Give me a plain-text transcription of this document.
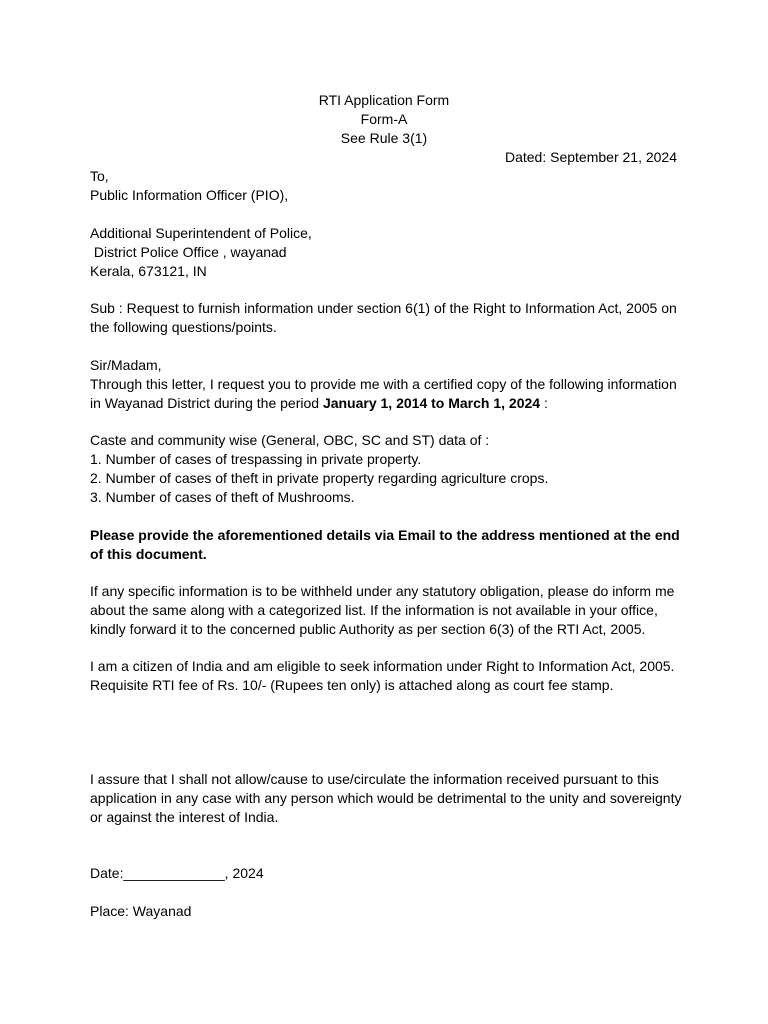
RTI Application Form
Form-A
See Rule 3(1)
Dated: September 21, 2024
To,
Public Information Officer (PIO),
Additional Superintendent of Police,
District Police Office , wayanad
Kerala, 673121, IN
Sub : Request to furnish information under section 6(1) of the Right to Information Act, 2005 on
the following questions/points.
Sir/Madam,
Through this letter, I request you to provide me with a certified copy of the following information
in Wayanad District during the period January 1, 2014 to March 1, 2024 :
Caste and community wise (General, OBC, SC and ST) data of :
1. Number of cases of trespassing in private property.
2. Number of cases of theft in private property regarding agriculture crops.
3. Number of cases of theft of Mushrooms.
Please provide the aforementioned details via Email to the address mentioned at the end
of this document.
If any specific information is to be withheld under any statutory obligation, please do inform me
about the same along with a categorized list. If the information is not available in your office,
kindly forward it to the concerned public Authority as per section 6(3) of the RTI Act, 2005.
I am a citizen of India and am eligible to seek information under Right to Information Act, 2005.
Requisite RTI fee of Rs. 10/- (Rupees ten only) is attached along as court fee stamp.
I assure that I shall not allow/cause to use/circulate the information received pursuant to this
application in any case with any person which would be detrimental to the unity and sovereignty
or against the interest of India.
Date:_____________, 2024
Place: Wayanad
